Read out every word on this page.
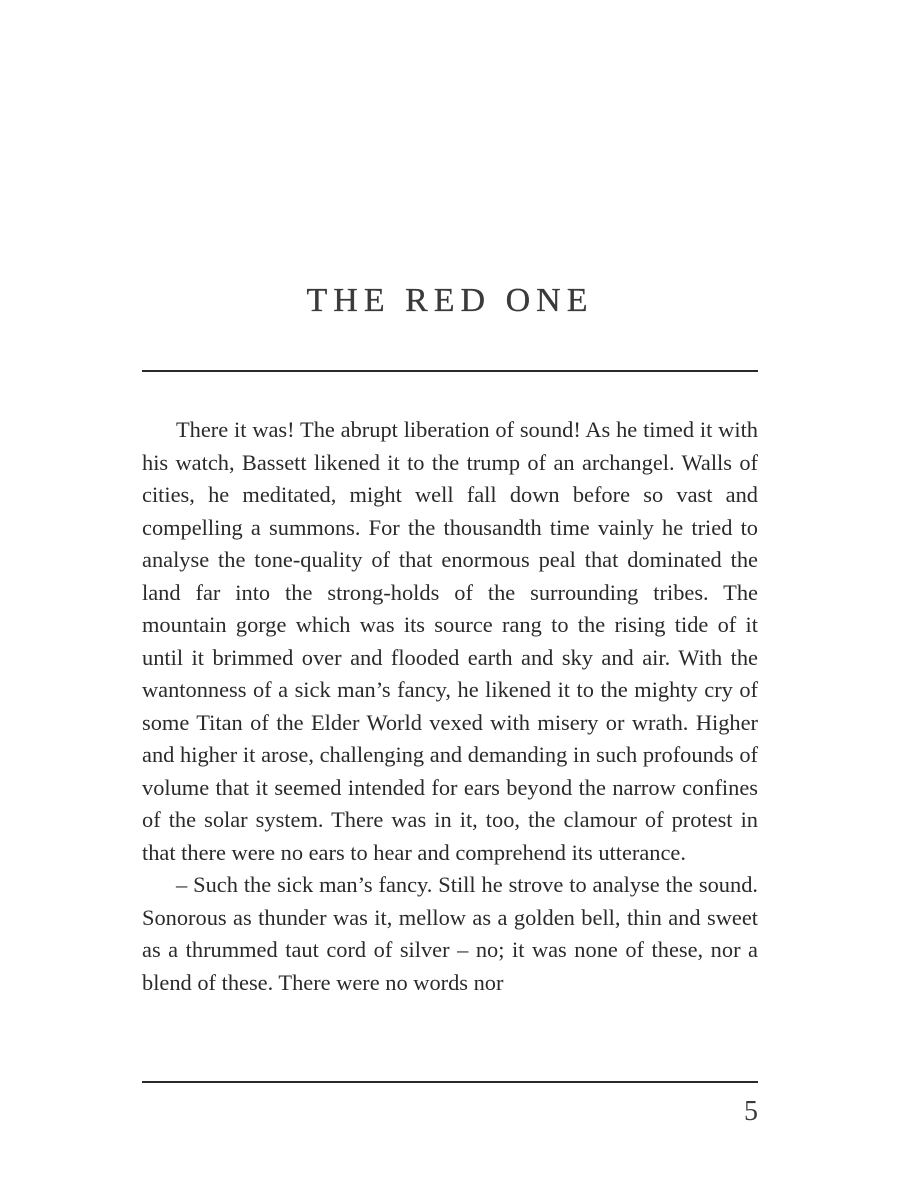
THE RED ONE

There it was! The abrupt liberation of sound! As he timed it with his watch, Bassett likened it to the trump of an archangel. Walls of cities, he meditated, might well fall down before so vast and compelling a summons. For the thousandth time vainly he tried to analyse the tone-quality of that enormous peal that dominated the land far into the strong-holds of the surrounding tribes. The mountain gorge which was its source rang to the rising tide of it until it brimmed over and flooded earth and sky and air. With the wantonness of a sick man’s fancy, he likened it to the mighty cry of some Titan of the Elder World vexed with misery or wrath. Higher and higher it arose, challenging and demanding in such profounds of volume that it seemed intended for ears beyond the narrow confines of the solar system. There was in it, too, the clamour of protest in that there were no ears to hear and comprehend its utterance.

– Such the sick man’s fancy. Still he strove to analyse the sound. Sonorous as thunder was it, mellow as a golden bell, thin and sweet as a thrummed taut cord of silver – no; it was none of these, nor a blend of these. There were no words nor

5
